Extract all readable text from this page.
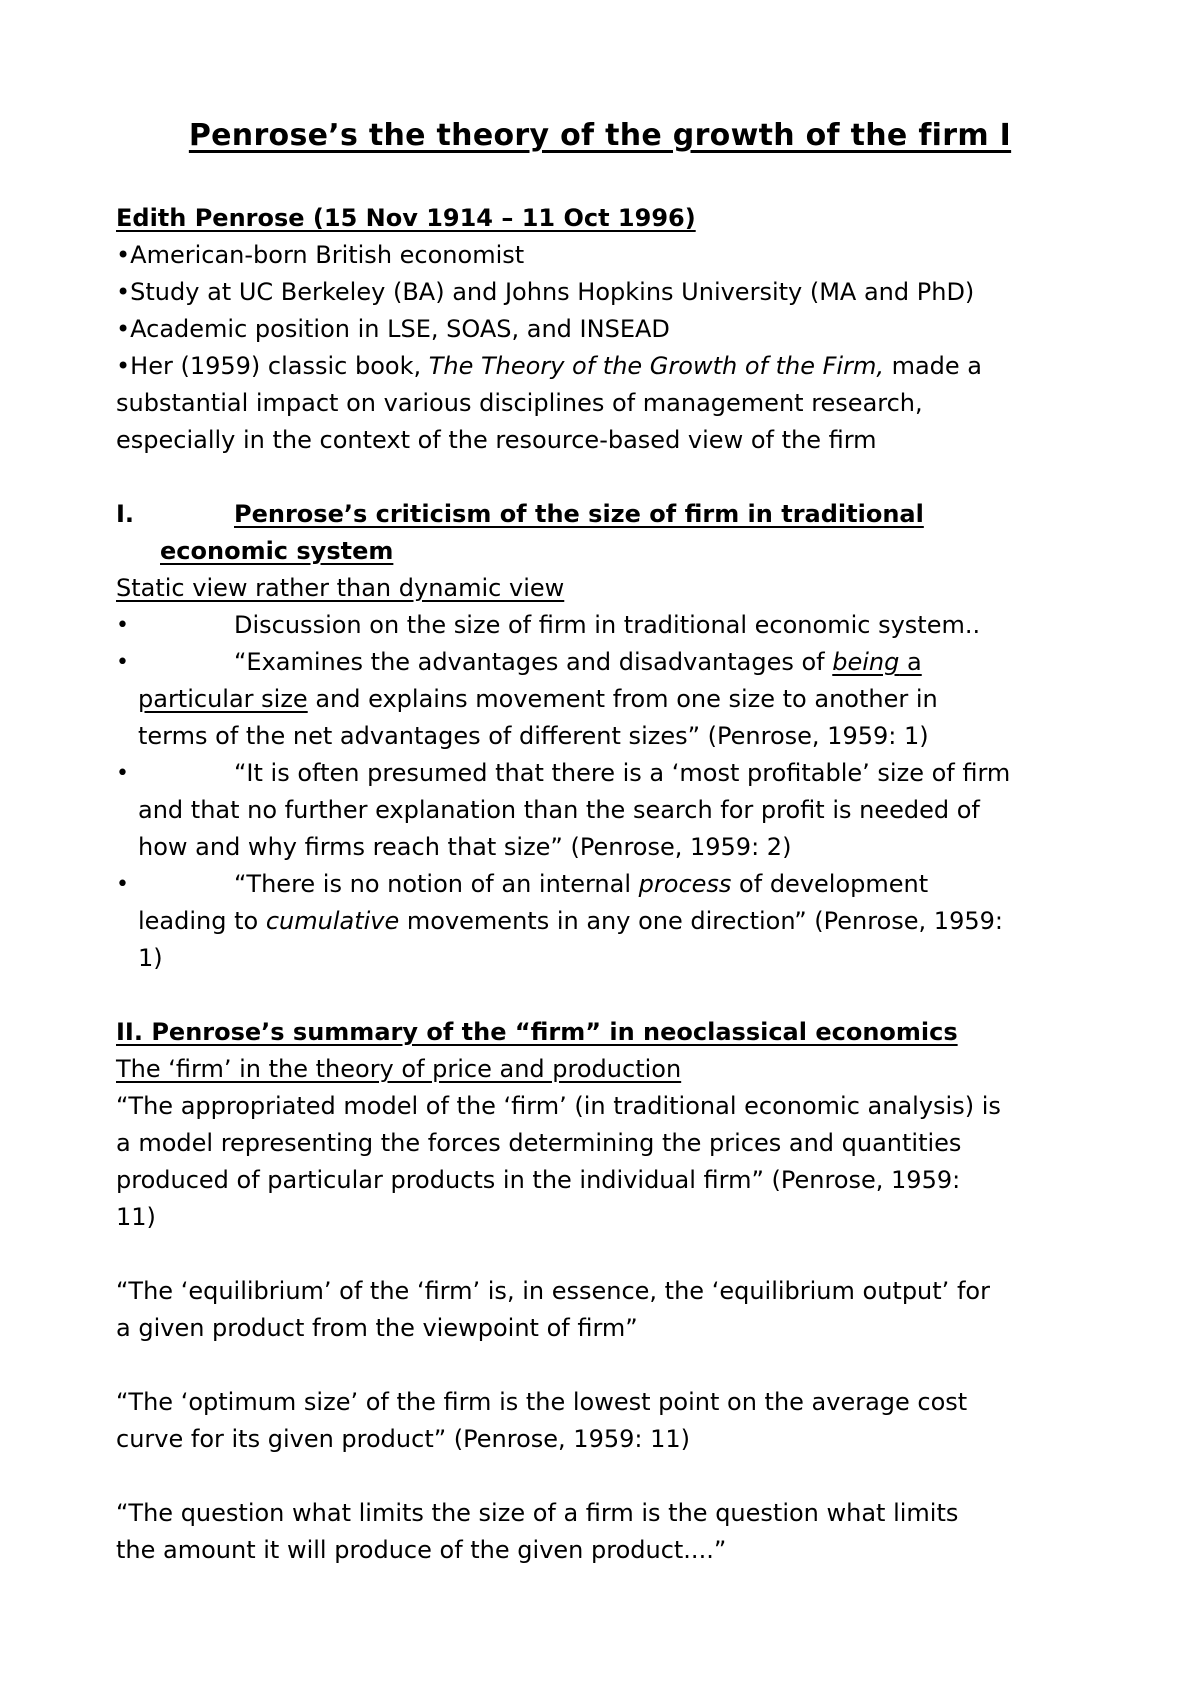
Penrose’s the theory of the growth of the firm I
Edith Penrose (15 Nov 1914 – 11 Oct 1996)
•American-born British economist
•Study at UC Berkeley (BA) and Johns Hopkins University (MA and PhD)
•Academic position in LSE, SOAS, and INSEAD
•Her (1959) classic book, The Theory of the Growth of the Firm, made a
substantial impact on various disciplines of management research,
especially in the context of the resource-based view of the firm
I.	Penrose’s criticism of the size of firm in traditional
economic system
Static view rather than dynamic view
•	Discussion on the size of firm in traditional economic system..
•	“Examines the advantages and disadvantages of being a
particular size and explains movement from one size to another in
terms of the net advantages of different sizes” (Penrose, 1959: 1)
•	“It is often presumed that there is a ‘most profitable’ size of firm
and that no further explanation than the search for profit is needed of
how and why firms reach that size” (Penrose, 1959: 2)
•	“There is no notion of an internal process of development
leading to cumulative movements in any one direction” (Penrose, 1959:
1)
II. Penrose’s summary of the “firm” in neoclassical economics
The ‘firm’ in the theory of price and production
“The appropriated model of the ‘firm’ (in traditional economic analysis) is
a model representing the forces determining the prices and quantities
produced of particular products in the individual firm” (Penrose, 1959:
11)
“The ‘equilibrium’ of the ‘firm’ is, in essence, the ‘equilibrium output’ for
a given product from the viewpoint of firm”
“The ‘optimum size’ of the firm is the lowest point on the average cost
curve for its given product” (Penrose, 1959: 11)
“The question what limits the size of a firm is the question what limits
the amount it will produce of the given product....”
